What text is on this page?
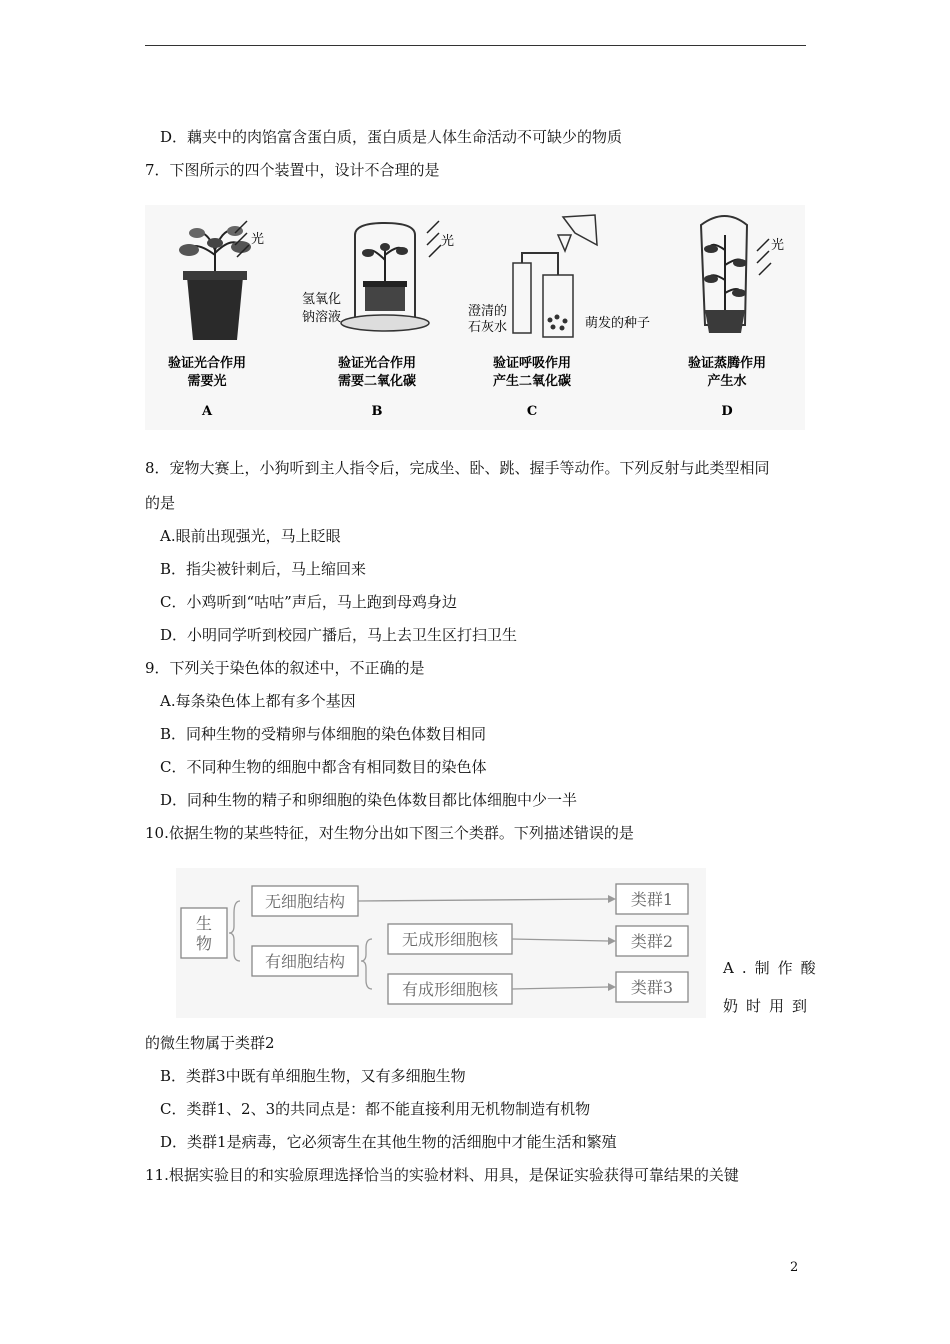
D．藕夹中的肉馅富含蛋白质，蛋白质是人体生命活动不可缺少的物质
7．下图所示的四个装置中，设计不合理的是
光	光
氢氧化
钠溶液	澄清的
石灰水	萌发的种子
光
验证光合作用
需要光
A
验证光合作用
需要二氧化碳
B
验证呼吸作用
产生二氧化碳
C
验证蒸腾作用
产生水
D
8．宠物大赛上，小狗听到主人指令后，完成坐、卧、跳、握手等动作。下列反射与此类型相同
的是
A.眼前出现强光，马上眨眼
B．指尖被针刺后，马上缩回来
C．小鸡听到“咕咕”声后，马上跑到母鸡身边
D．小明同学听到校园广播后，马上去卫生区打扫卫生
9．下列关于染色体的叙述中，不正确的是
A.每条染色体上都有多个基因
B．同种生物的受精卵与体细胞的染色体数目相同
C．不同种生物的细胞中都含有相同数目的染色体
D．同种生物的精子和卵细胞的染色体数目都比体细胞中少一半
10.依据生物的某些特征，对生物分出如下图三个类群。下列描述错误的是
生
物
无细胞结构
有细胞结构
无成形细胞核
有成形细胞核
类群1
类群2
类群3
A.制作酸
奶时用到
的微生物属于类群2
B．类群3中既有单细胞生物，又有多细胞生物
C．类群1、2、3的共同点是：都不能直接利用无机物制造有机物
D．类群1是病毒，它必须寄生在其他生物的活细胞中才能生活和繁殖
11.根据实验目的和实验原理选择恰当的实验材料、用具，是保证实验获得可靠结果的关键
2
